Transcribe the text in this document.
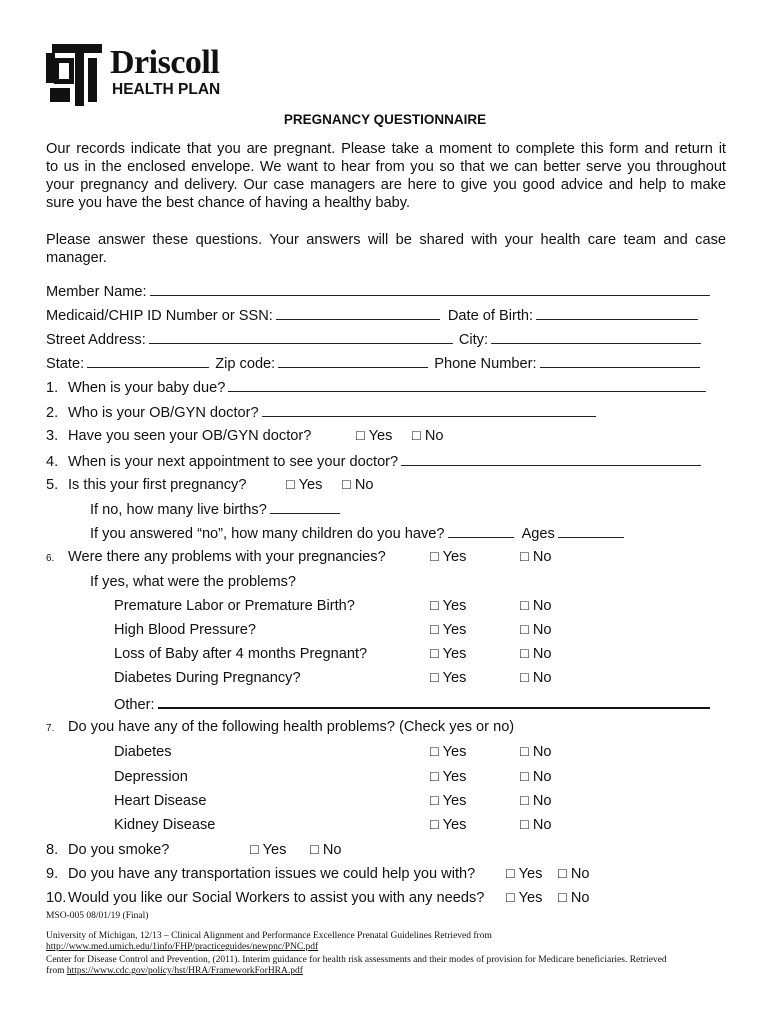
Driscoll
HEALTH PLAN
PREGNANCY QUESTIONNAIRE
Our records indicate that you are pregnant. Please take a moment to complete this form and return it
to us in the enclosed envelope. We want to hear from you so that we can better serve you throughout
your pregnancy and delivery. Our case managers are here to give you good advice and help to make
sure you have the best chance of having a healthy baby.
Please answer these questions. Your answers will be shared with your health care team and case
manager.
Member Name:
Medicaid/CHIP ID Number or SSN:	Date of Birth:
Street Address:	City:
State:	Zip code:	Phone Number:
1. When is your baby due?
2. Who is your OB/GYN doctor?
3. Have you seen your OB/GYN doctor?	□ Yes □ No
4. When is your next appointment to see your doctor?
5. Is this your first pregnancy?	□ Yes □ No
If no, how many live births?
If you answered “no”, how many children do you have?	Ages
6. Were there any problems with your pregnancies?	□ Yes	□ No
If yes, what were the problems?
Premature Labor or Premature Birth?	□ Yes	□ No
High Blood Pressure?	□ Yes	□ No
Loss of Baby after 4 months Pregnant?	□ Yes	□ No
Diabetes During Pregnancy?	□ Yes	□ No
Other:
7. Do you have any of the following health problems? (Check yes or no)
Diabetes	□ Yes	□ No
Depression	□ Yes	□ No
Heart Disease	□ Yes	□ No
Kidney Disease	□ Yes	□ No
8. Do you smoke?	□ Yes □ No
9. Do you have any transportation issues we could help you with? □ Yes □ No
10. Would you like our Social Workers to assist you with any needs? □ Yes □ No
MSO-005 08/01/19 (Final)
University of Michigan, 12/13 – Clinical Alignment and Performance Excellence Prenatal Guidelines Retrieved from
http://www.med.umich.edu/1info/FHP/practiceguides/newpnc/PNC.pdf
Center for Disease Control and Prevention, (2011). Interim guidance for health risk assessments and their modes of provision for Medicare beneficiaries. Retrieved
from https://www.cdc.gov/policy/hst/HRA/FrameworkForHRA.pdf
